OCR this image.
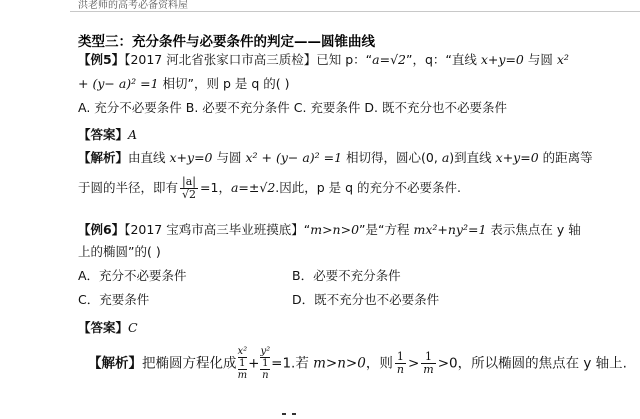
洪老师的高考必备资料屋
类型三：充分条件与必要条件的判定——圆锥曲线
【例5】【2017 河北省张家口市高三质检】已知 p：“a=√2”，q：“直线 x+y=0 与圆 x²
+ (y− a)² =1 相切”，则 p 是 q 的( )
A. 充分不必要条件 B. 必要不充分条件 C. 充要条件 D. 既不充分也不必要条件
【答案】A
【解析】由直线 x+y=0 与圆 x² + (y− a)² =1 相切得，圆心(0, a)到直线 x+y=0 的距离等
于圆的半径，即有 $\frac{|a|}{√2} =1$，a=±√2.因此，p 是 q 的充分不必要条件.
【例6】【2017 宝鸡市高三毕业班摸底】“m>n>0”是“方程 mx²+ny²=1 表示焦点在 y 轴
上的椭圆”的( )
A．充分不必要条件	B．必要不充分条件
C．充要条件	D．既不充分也不必要条件
【答案】C
【解析】把椭圆方程化成
x²
1
m
+
y²
1
n
=1.若 m>n>0，则 $\frac{1}{n} > \frac{1}{m} >0$，所以椭圆的焦点在 y 轴上.
